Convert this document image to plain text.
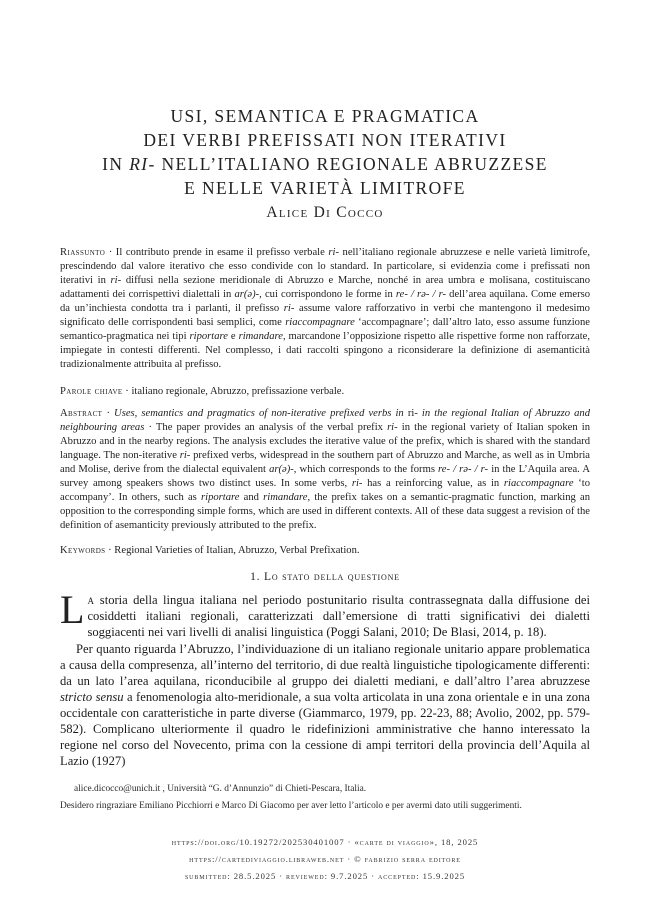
USI, SEMANTICA E PRAGMATICA
DEI VERBI PREFISSATI NON ITERATIVI
IN RI- NELL’ITALIANO REGIONALE ABRUZZESE
E NELLE VARIETÀ LIMITROFE
Alice Di Cocco
Riassunto · Il contributo prende in esame il prefisso verbale ri- nell’italiano regionale abruzzese e nelle varietà limitrofe, prescindendo dal valore iterativo che esso condivide con lo standard. In particolare, si evidenzia come i prefissati non iterativi in ri- diffusi nella sezione meridionale di Abruzzo e Marche, nonché in area umbra e molisana, costituiscano adattamenti dei corrispettivi dialettali in ar(ə)-, cui corrispondono le forme in re- / rə- / r- dell’area aquilana. Come emerso da un’inchiesta condotta tra i parlanti, il prefisso ri- assume valore rafforzativo in verbi che mantengono il medesimo significato delle corrispondenti basi semplici, come riaccompagnare ‘accompagnare’; dall’altro lato, esso assume funzione semantico-pragmatica nei tipi riportare e rimandare, marcandone l’opposizione rispetto alle rispettive forme non rafforzate, impiegate in contesti differenti. Nel complesso, i dati raccolti spingono a riconsiderare la definizione di asemanticità tradizionalmente attribuita al prefisso.
Parole chiave · italiano regionale, Abruzzo, prefissazione verbale.
Abstract · Uses, semantics and pragmatics of non-iterative prefixed verbs in ri- in the regional Italian of Abruzzo and neighbouring areas · The paper provides an analysis of the verbal prefix ri- in the regional variety of Italian spoken in Abruzzo and in the nearby regions. The analysis excludes the iterative value of the prefix, which is shared with the standard language. The non-iterative ri- prefixed verbs, widespread in the southern part of Abruzzo and Marche, as well as in Umbria and Molise, derive from the dialectal equivalent ar(ə)-, which corresponds to the forms re- / rə- / r- in the L’Aquila area. A survey among speakers shows two distinct uses. In some verbs, ri- has a reinforcing value, as in riaccompagnare ‘to accompany’. In others, such as riportare and rimandare, the prefix takes on a semantic-pragmatic function, marking an opposition to the corresponding simple forms, which are used in different contexts. All of these data suggest a revision of the definition of asemanticity previously attributed to the prefix.
Keywords · Regional Varieties of Italian, Abruzzo, Verbal Prefixation.
1. Lo stato della questione
La storia della lingua italiana nel periodo postunitario risulta contrassegnata dalla diffusione dei cosiddetti italiani regionali, caratterizzati dall’emersione di tratti significativi dei dialetti soggiacenti nei vari livelli di analisi linguistica (Poggi Salani, 2010; De Blasi, 2014, p. 18).
Per quanto riguarda l’Abruzzo, l’individuazione di un italiano regionale unitario appare problematica a causa della compresenza, all’interno del territorio, di due realtà linguistiche tipologicamente differenti: da un lato l’area aquilana, riconducibile al gruppo dei dialetti mediani, e dall’altro l’area abruzzese stricto sensu a fenomenologia alto-meridionale, a sua volta articolata in una zona orientale e in una zona occidentale con caratteristiche in parte diverse (Giammarco, 1979, pp. 22-23, 88; Avolio, 2002, pp. 579-582). Complicano ulteriormente il quadro le ridefinizioni amministrative che hanno interessato la regione nel corso del Novecento, prima con la cessione di ampi territori della provincia dell’Aquila al Lazio (1927)
alice.dicocco@unich.it , Università “G. d’Annunzio” di Chieti-Pescara, Italia.
Desidero ringraziare Emiliano Picchiorri e Marco Di Giacomo per aver letto l’articolo e per avermi dato utili suggerimenti.
https://doi.org/10.19272/202530401007 · «carte di viaggio», 18, 2025
https://cartediviaggio.libraweb.net · © fabrizio serra editore
submitted: 28.5.2025 · reviewed: 9.7.2025 · accepted: 15.9.2025
